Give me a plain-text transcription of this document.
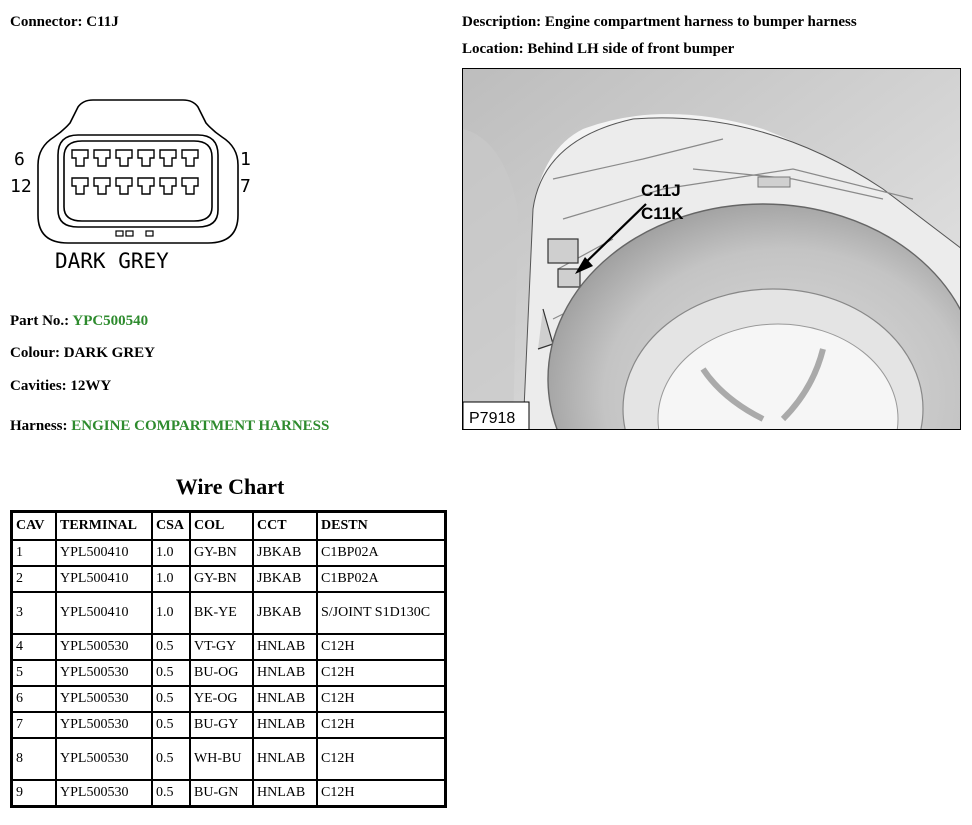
Connector: C11J	Description: Engine compartment harness to bumper harness
Location: Behind LH side of front bumper
6
12
1
7
DARK GREY
Part No.: YPC500540
Colour: DARK GREY
Cavities: 12WY
Harness: ENGINE COMPARTMENT HARNESS
C11J
C11K
P7918
Wire Chart
CAV	TERMINAL	CSA	COL	CCT	DESTN
1	YPL500410	1.0	GY-BN	JBKAB	C1BP02A
2	YPL500410	1.0	GY-BN	JBKAB	C1BP02A
3	YPL500410	1.0	BK-YE	JBKAB	S/JOINT S1D130C
4	YPL500530	0.5	VT-GY	HNLAB	C12H
5	YPL500530	0.5	BU-OG	HNLAB	C12H
6	YPL500530	0.5	YE-OG	HNLAB	C12H
7	YPL500530	0.5	BU-GY	HNLAB	C12H
8	YPL500530	0.5	WH-BU	HNLAB	C12H
9	YPL500530	0.5	BU-GN	HNLAB	C12H
